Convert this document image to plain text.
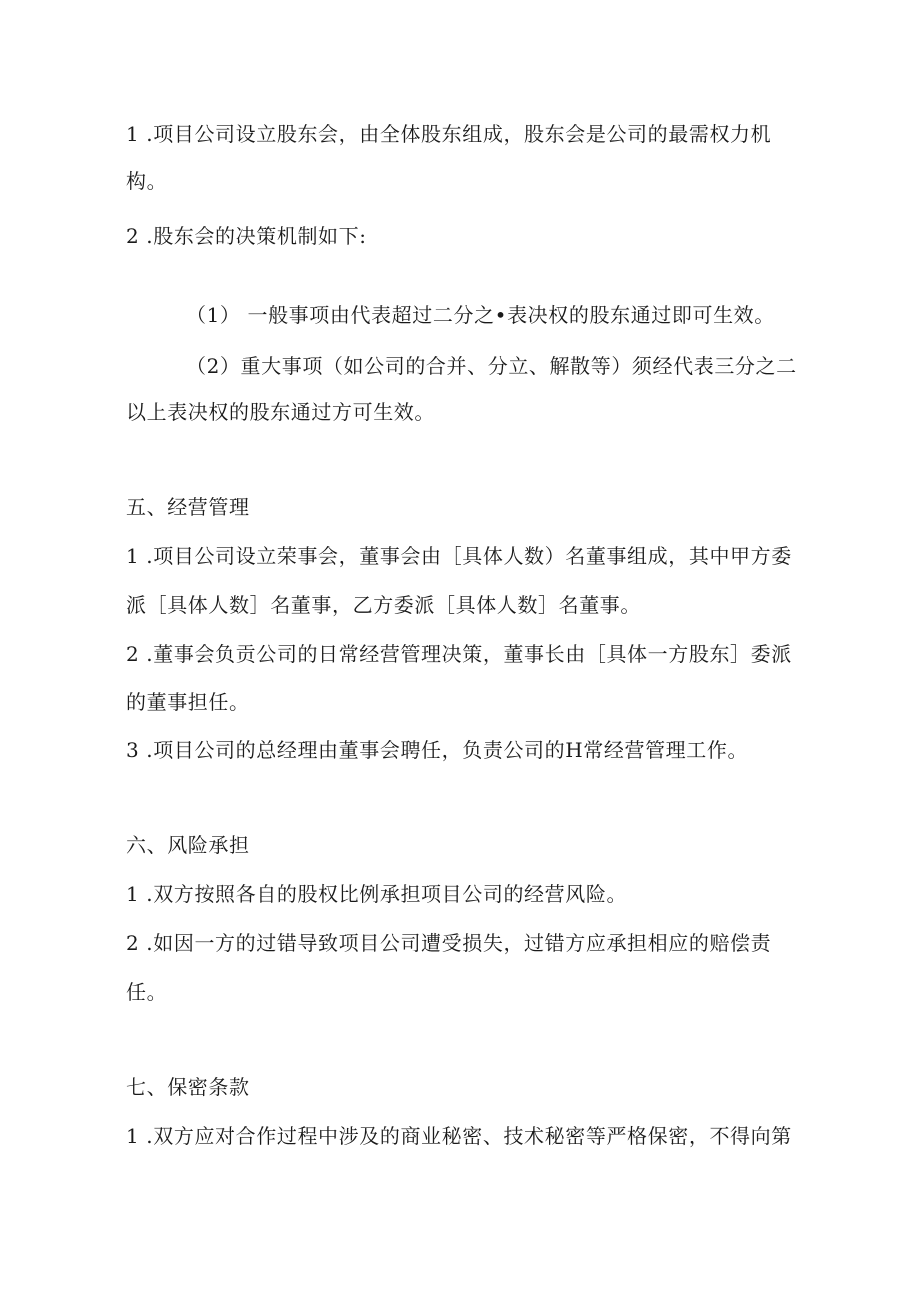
1 .项目公司设立股东会，由全体股东组成，股东会是公司的最需权力机

构。

2 .股东会的决策机制如下:

（1） 一般事项由代表超过二分之•表决权的股东通过即可生效。

（2）重大事项（如公司的合并、分立、解散等）须经代表三分之二

以上表决权的股东通过方可生效。

五、经营管理

1 .项目公司设立荣事会，董事会由［具体人数）名董事组成，其中甲方委

派［具体人数］名董事，乙方委派［具体人数］名董事。

2 .董事会负贡公司的日常经营管理决策，董事长由［具体一方股东］委派

的董事担任。

3 .项目公司的总经理由董事会聘任，负责公司的H常经营管理工作。

六、风险承担

1 .双方按照各自的股权比例承担项目公司的经营风险。

2 .如因一方的过错导致项目公司遭受损失，过错方应承担相应的赔偿责

任。

七、保密条款

1 .双方应对合作过程中涉及的商业秘密、技术秘密等严格保密，不得向第
